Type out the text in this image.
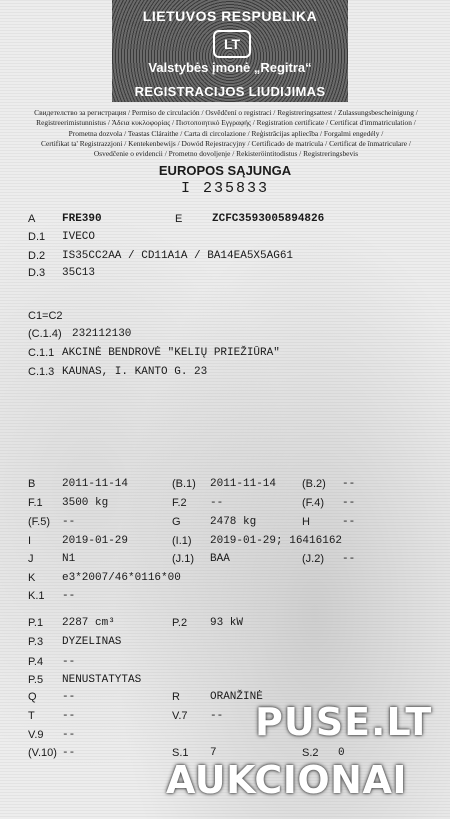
LIETUVOS RESPUBLIKA
LT
Valstybės įmonė „Regitra“
REGISTRACIJOS LIUDIJIMAS
Свидетелство за регистрация / Permiso de circulación / Osvědčení o registraci / Registreringsattest / Zulassungsbescheinigung /
Registreerimistunnistus / Άδεια κυκλοφορίας / Πιστοποιητικό Εγγραφής / Registration certificate / Certificat d'immatriculation /
Prometna dozvola / Teastas Cláraithe / Carta di circolazione / Reģistrācijas apliecība / Forgalmi engedély /
Certifikat ta' Registrazzjoni / Kentekenbewijs / Dowód Rejestracyjny / Certificado de matrícula / Certificat de înmatriculare /
Osvedčenie o evidencii / Prometno dovoljenje / Rekisteröintitodistus / Registreringsbevis
EUROPOS SĄJUNGA
I 235833
A FRE390	E	ZCFC3593005894826
D.1 IVECO
D.2 IS35CC2AA / CD11A1A / BA14EA5X5AG61
D.3 35C13
C1=C2
(C.1.4) 232112130
C.1.1 AKCINĖ BENDROVĖ "KELIŲ PRIEŽIŪRA"
C.1.3 KAUNAS, I. KANTO G. 23
B 2011-11-14	(B.1) 2011-11-14 (B.2) --
F.1 3500 kg	F.2 --	(F.4) --
(F.5) --	G	2478 kg	H	--
I	2019-01-29	(I.1) 2019-01-29; 16416162
J	N1	(J.1) BAA	(J.2) --
K e3*2007/46*0116*00
K.1 --
P.1 2287 cm³	P.2 93 kW
P.3 DYZELINAS
P.4 --
P.5 NENUSTATYTAS
Q --	R	ORANŽINĖ
T --	V.7 --
V.9 --
(V.10) --	S.1 7	S.2 0
PUSE.LT
AUKCIONAI
